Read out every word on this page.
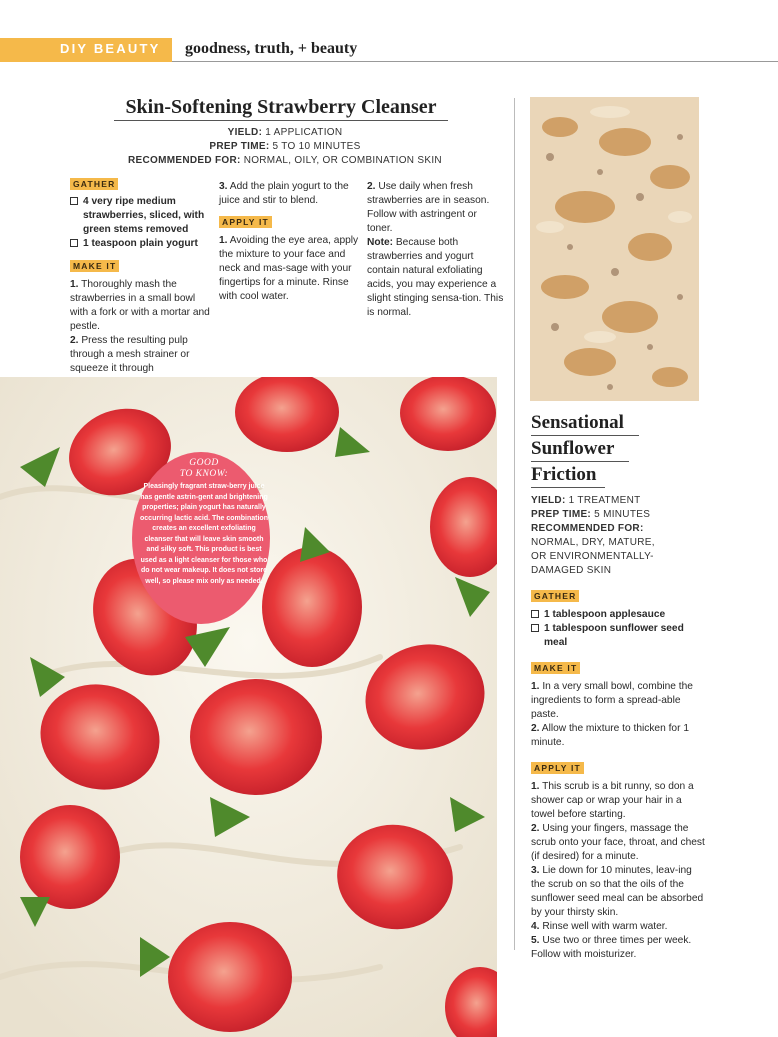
DIY BEAUTY goodness, truth, + beauty
Skin-Softening Strawberry Cleanser
YIELD: 1 APPLICATION
PREP TIME: 5 TO 10 MINUTES
RECOMMENDED FOR: NORMAL, OILY, OR COMBINATION SKIN
GATHER
4 very ripe medium strawberries, sliced, with green stems removed
1 teaspoon plain yogurt
MAKE IT

1. Thoroughly mash the strawberries in a small bowl with a fork or with a mortar and pestle.

2. Press the resulting pulp through a mesh strainer or squeeze it through

3. Add the plain yogurt to the juice and stir to blend.

APPLY IT

1. Avoiding the eye area, apply the mixture to your face and neck and mas-sage with your fingertips for a minute. Rinse with cool water.

2. Use daily when fresh strawberries are in season. Follow with astringent or toner.

Note: Because both strawberries and yogurt contain natural exfoliating acids, you may experience a slight stinging sensa-tion. This is normal.

GOOD
TO KNOW:
Pleasingly fragrant straw-berry juice has gentle astrin-gent and brightening properties; plain yogurt has naturally occurring lactic acid. The combination creates an excellent exfoliating cleanser that will leave skin smooth and silky soft. This product is best used as a light cleanser for those who do not wear makeup. It does not store well, so please mix only as needed.
Sensational
Sunflower
Friction
YIELD: 1 TREATMENT
PREP TIME: 5 MINUTES
RECOMMENDED FOR:
NORMAL, DRY, MATURE, OR ENVIRONMENTALLY-DAMAGED SKIN
GATHER
1 tablespoon applesauce
1 tablespoon sunflower seed meal
MAKE IT

1. In a very small bowl, combine the ingredients to form a spread-able paste.

2. Allow the mixture to thicken for 1 minute.

APPLY IT

1. This scrub is a bit runny, so don a shower cap or wrap your hair in a towel before starting.

2. Using your fingers, massage the scrub onto your face, throat, and chest (if desired) for a minute.

3. Lie down for 10 minutes, leav-ing the scrub on so that the oils of the sunflower seed meal can be absorbed by your thirsty skin.

4. Rinse well with warm water.

5. Use two or three times per week. Follow with moisturizer.
